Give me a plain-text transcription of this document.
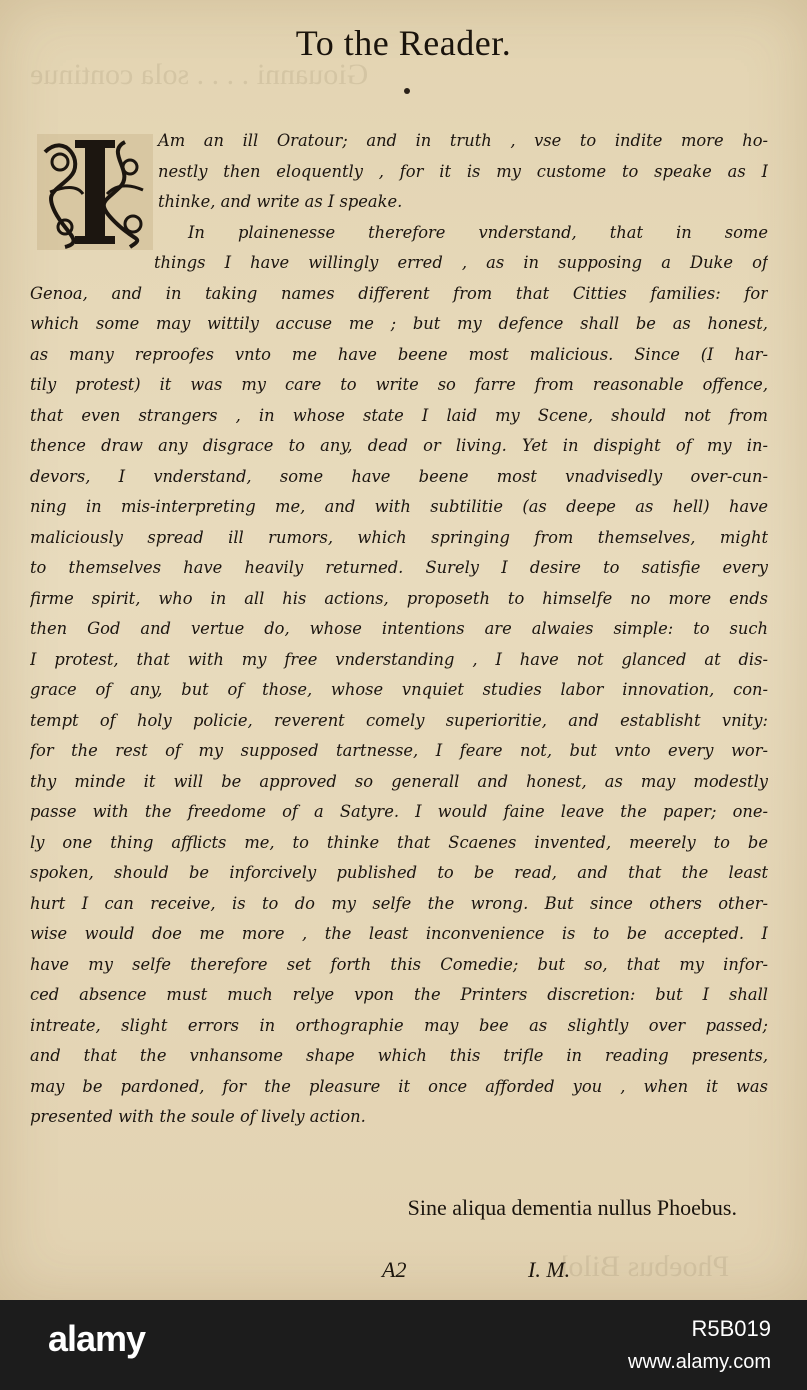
Giouanni . . . . sola continue
Phoebus Bilol
To the Reader.
Am an ill Oratour; and in truth , vse to indite more ho-
nestly then eloquently , for it is my custome to speake as I
thinke, and write as I speake.
In plainenesse therefore vnderstand, that in some
things I have willingly erred , as in supposing a Duke of
Genoa, and in taking names different from that Citties families: for
which some may wittily accuse me ; but my defence shall be as honest,
as many reproofes vnto me have beene most malicious. Since (I har-
tily protest) it was my care to write so farre from reasonable offence,
that even strangers , in whose state I laid my Scene, should not from
thence draw any disgrace to any, dead or living. Yet in dispight of my in-
devors, I vnderstand, some have beene most vnadvisedly over-cun-
ning in mis-interpreting me, and with subtilitie (as deepe as hell) have
maliciously spread ill rumors, which springing from themselves, might
to themselves have heavily returned. Surely I desire to satisfie every
firme spirit, who in all his actions, proposeth to himselfe no more ends
then God and vertue do, whose intentions are alwaies simple: to such
I protest, that with my free vnderstanding , I have not glanced at dis-
grace of any, but of those, whose vnquiet studies labor innovation, con-
tempt of holy policie, reverent comely superioritie, and establisht vnity:
for the rest of my supposed tartnesse, I feare not, but vnto every wor-
thy minde it will be approved so generall and honest, as may modestly
passe with the freedome of a Satyre. I would faine leave the paper; one-
ly one thing afflicts me, to thinke that Scaenes invented, meerely to be
spoken, should be inforcively published to be read, and that the least
hurt I can receive, is to do my selfe the wrong. But since others other-
wise would doe me more , the least inconvenience is to be accepted. I
have my selfe therefore set forth this Comedie; but so, that my infor-
ced absence must much relye vpon the Printers discretion: but I shall
intreate, slight errors in orthographie may bee as slightly over passed;
and that the vnhansome shape which this trifle in reading presents,
may be pardoned, for the pleasure it once afforded you , when it was
presented with the soule of lively action.
Sine aliqua dementia nullus Phoebus.
A2	I. M.
alamy	R5B019
www.alamy.com
